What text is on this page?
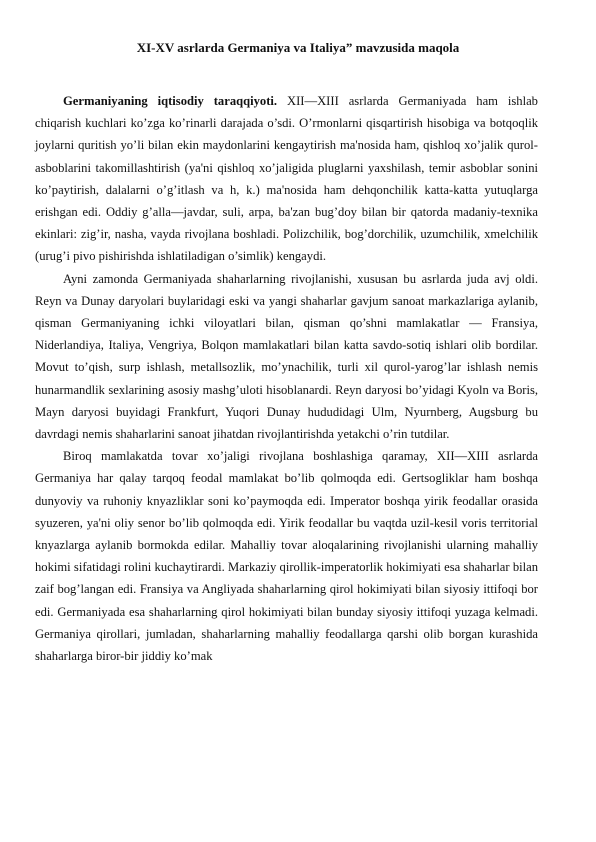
XI-XV asrlarda Germaniya va Italiya” mavzusida maqola

Germaniyaning iqtisodiy taraqqiyoti. XII—XIII asrlarda Germaniyada ham ishlab chiqarish kuchlari ko’zga ko’rinarli darajada o’sdi. O’rmonlarni qisqartirish hisobiga va botqoqlik joylarni quritish yo’li bilan ekin maydonlarini kengaytirish ma'nosida ham, qishloq xo’jalik qurol-asboblarini takomillashtirish (ya'ni qishloq xo’jaligida pluglarni yaxshilash, temir asboblar sonini ko’paytirish, dalalarni o’g’itlash va h, k.) ma'nosida ham dehqonchilik katta-katta yutuqlarga erishgan edi. Oddiy g’alla—javdar, suli, arpa, ba'zan bug’doy bilan bir qatorda madaniy-texnika ekinlari: zig’ir, nasha, vayda rivojlana boshladi. Polizchilik, bog’dorchilik, uzumchilik, xmelchilik (urug’i pivo pishirishda ishlatiladigan o’simlik) kengaydi.

Ayni zamonda Germaniyada shaharlarning rivojlanishi, xususan bu asrlarda juda avj oldi. Reyn va Dunay daryolari buylaridagi eski va yangi shaharlar gavjum sanoat markazlariga aylanib, qisman Germaniyaning ichki viloyatlari bilan, qisman qo’shni mamlakatlar — Fransiya, Niderlandiya, Italiya, Vengriya, Bolqon mamlakatlari bilan katta savdo-sotiq ishlari olib bordilar. Movut to’qish, surp ishlash, metallsozlik, mo’ynachilik, turli xil qurol-yarog’lar ishlash nemis hunarmandlik sexlarining asosiy mashg’uloti hisoblanardi. Reyn daryosi bo’yidagi Kyoln va Boris, Mayn daryosi buyidagi Frankfurt, Yuqori Dunay hududidagi Ulm, Nyurnberg, Augsburg bu davrdagi nemis shaharlarini sanoat jihatdan rivojlantirishda yetakchi o’rin tutdilar.

Biroq mamlakatda tovar xo’jaligi rivojlana boshlashiga qaramay, XII—XIII asrlarda Germaniya har qalay tarqoq feodal mamlakat bo’lib qolmoqda edi. Gertsogliklar ham boshqa dunyoviy va ruhoniy knyazliklar soni ko’paymoqda edi. Imperator boshqa yirik feodallar orasida syuzeren, ya'ni oliy senor bo’lib qolmoqda edi. Yirik feodallar bu vaqtda uzil-kesil voris territorial knyazlarga aylanib bormokda edilar. Mahalliy tovar aloqalarining rivojlanishi ularning mahalliy hokimi sifatidagi rolini kuchaytirardi. Markaziy qirollik-imperatorlik hokimiyati esa shaharlar bilan zaif bog’langan edi. Fransiya va Angliyada shaharlarning qirol hokimiyati bilan siyosiy ittifoqi bor edi. Germaniyada esa shaharlarning qirol hokimiyati bilan bunday siyosiy ittifoqi yuzaga kelmadi. Germaniya qirollari, jumladan, shaharlarning mahalliy feodallarga qarshi olib borgan kurashida shaharlarga biror-bir jiddiy ko’mak
